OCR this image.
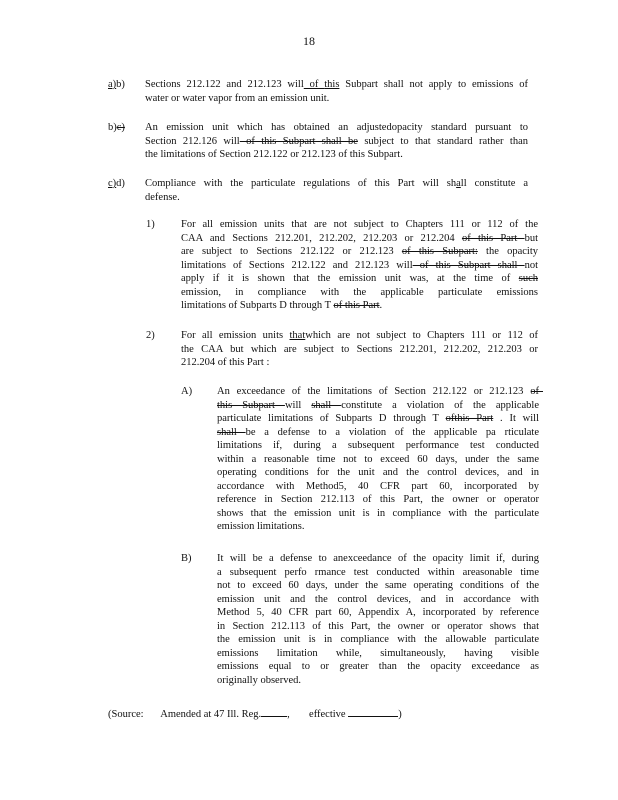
18
a)b) Sections 212.122 and 212.123 will of this Subpart shall not apply to emissions of
water or water vapor from an emission unit.
b)c) An emission unit which has obtained an adjustedopacity standard pursuant to
Section 212.126 will of this Subpart shall be subject to that standard rather than
the limitations of Section 212.122 or 212.123 of this Subpart.
c)d) Compliance with the particulate regulations of this Part will shall constitute a
defense.
1)	For all emission units that are not subject to Chapters 111 or 112 of the
CAA and Sections 212.201, 212.202, 212.203 or 212.204 of this Part but
are subject to Sections 212.122 or 212.123 of this Subpart: the opacity
limitations of Sections 212.122 and 212.123 will of this Subpart shall not
apply if it is shown that the emission unit was, at the time of such
emission, in compliance with the applicable particulate emissions
limitations of Subparts D through T of this Part.
2)	For all emission units thatwhich are not subject to Chapters 111 or 112 of
the CAA but which are subject to Sections 212.201, 212.202, 212.203 or
212.204 of this Part :
A) An exceedance of the limitations of Section 212.122 or 212.123 of
this Subpart will shall constitute a violation of the applicable
particulate limitations of Subparts D through T ofthis Part . It will
shall be a defense to a violation of the applicable pa rticulate
limitations if, during a subsequent performance test conducted
within a reasonable time not to exceed 60 days, under the same
operating conditions for the unit and the control devices, and in
accordance with Method5, 40 CFR part 60, incorporated by
reference in Section 212.113 of this Part, the owner or operator
shows that the emission unit is in compliance with the particulate
emission limitations.
B) It will be a defense to anexceedance of the opacity limit if, during
a subsequent perfo rmance test conducted within areasonable time
not to exceed 60 days, under the same operating conditions of the
emission unit and the control devices, and in accordance with
Method 5, 40 CFR part 60, Appendix A, incorporated by reference
in Section 212.113 of this Part, the owner or operator shows that
the emission unit is in compliance with the allowable particulate
emissions limitation while, simultaneously, having visible
emissions equal to or greater than the opacity exceedance as
originally observed.
(Source: Amended at 47 Ill. Reg. , effective	)
